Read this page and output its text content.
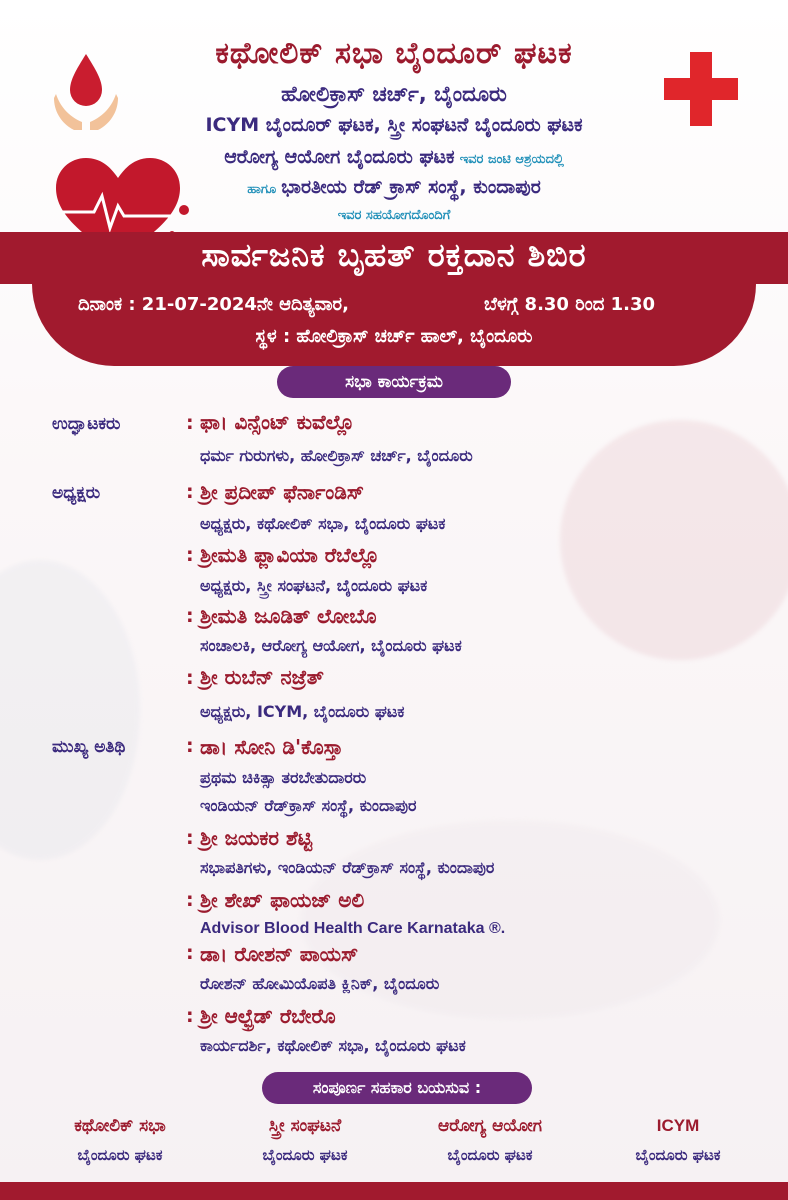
ಕಥೋಲಿಕ್ ಸಭಾ ಬೈಂದೂರ್ ಘಟಕ
ಹೋಲಿಕ್ರಾಸ್ ಚರ್ಚ್, ಬೈಂದೂರು
ICYM ಬೈಂದೂರ್ ಘಟಕ, ಸ್ತ್ರೀ ಸಂಘಟನೆ ಬೈಂದೂರು ಘಟಕ
ಆರೋಗ್ಯ ಆಯೋಗ ಬೈಂದೂರು ಘಟಕ ಇವರ ಜಂಟಿ ಆಶ್ರಯದಲ್ಲಿ
ಹಾಗೂ ಭಾರತೀಯ ರೆಡ್ ಕ್ರಾಸ್ ಸಂಸ್ಥೆ, ಕುಂದಾಪುರ
ಇವರ ಸಹಯೋಗದೊಂದಿಗೆ
ಸಾರ್ವಜನಿಕ ಬೃಹತ್ ರಕ್ತದಾನ ಶಿಬಿರ
ದಿನಾಂಕ : 21-07-2024ನೇ ಆದಿತ್ಯವಾರ,	ಬೆಳಗ್ಗೆ 8.30 ರಿಂದ 1.30
ಸ್ಥಳ : ಹೋಲಿಕ್ರಾಸ್ ಚರ್ಚ್ ಹಾಲ್, ಬೈಂದೂರು
ಸಭಾ ಕಾರ್ಯಕ್ರಮ
ಉದ್ಘಾಟಕರು	: ಫಾ। ವಿನ್ಸೆಂಟ್ ಕುವೆಲ್ಲೊ
ಧರ್ಮ ಗುರುಗಳು, ಹೋಲಿಕ್ರಾಸ್ ಚರ್ಚ್, ಬೈಂದೂರು
ಅಧ್ಯಕ್ಷರು	: ಶ್ರೀ ಪ್ರದೀಪ್ ಫೆರ್ನಾಂಡಿಸ್
ಅಧ್ಯಕ್ಷರು, ಕಥೋಲಿಕ್ ಸಭಾ, ಬೈಂದೂರು ಘಟಕ
: ಶ್ರೀಮತಿ ಫ್ಲಾವಿಯಾ ರೆಬೆಲ್ಲೊ
ಅಧ್ಯಕ್ಷರು, ಸ್ತ್ರೀ ಸಂಘಟನೆ, ಬೈಂದೂರು ಘಟಕ
: ಶ್ರೀಮತಿ ಜೂಡಿತ್ ಲೋಬೊ
ಸಂಚಾಲಕಿ, ಆರೋಗ್ಯ ಆಯೋಗ, ಬೈಂದೂರು ಘಟಕ
: ಶ್ರೀ ರುಬೆನ್ ನಜ್ರೆತ್
ಅಧ್ಯಕ್ಷರು, ICYM, ಬೈಂದೂರು ಘಟಕ
ಮುಖ್ಯ ಅತಿಥಿ	: ಡಾ। ಸೋನಿ ಡಿ'ಕೊಸ್ತಾ
ಪ್ರಥಮ ಚಿಕಿತ್ಸಾ ತರಬೇತುದಾರರು
ಇಂಡಿಯನ್ ರೆಡ್‌ಕ್ರಾಸ್ ಸಂಸ್ಥೆ, ಕುಂದಾಪುರ
: ಶ್ರೀ ಜಯಕರ ಶೆಟ್ಟಿ
ಸಭಾಪತಿಗಳು, ಇಂಡಿಯನ್ ರೆಡ್‌ಕ್ರಾಸ್ ಸಂಸ್ಥೆ, ಕುಂದಾಪುರ
: ಶ್ರೀ ಶೇಖ್ ಫಾಯಜ್ ಅಲಿ
Advisor Blood Health Care Karnataka ®.
: ಡಾ। ರೋಶನ್ ಪಾಯಸ್
ರೋಶನ್ ಹೋಮಿಯೊಪತಿ ಕ್ಲಿನಿಕ್, ಬೈಂದೂರು
: ಶ್ರೀ ಆಲ್ಫ್ರೆಡ್ ರೆಬೇರೊ
ಕಾರ್ಯದರ್ಶಿ, ಕಥೋಲಿಕ್ ಸಭಾ, ಬೈಂದೂರು ಘಟಕ
ಸಂಪೂರ್ಣ ಸಹಕಾರ ಬಯಸುವ :
ಕಥೋಲಿಕ್ ಸಭಾ
ಬೈಂದೂರು ಘಟಕ
ಸ್ತ್ರೀ ಸಂಘಟನೆ
ಬೈಂದೂರು ಘಟಕ
ಆರೋಗ್ಯ ಆಯೋಗ
ಬೈಂದೂರು ಘಟಕ
ICYM
ಬೈಂದೂರು ಘಟಕ
